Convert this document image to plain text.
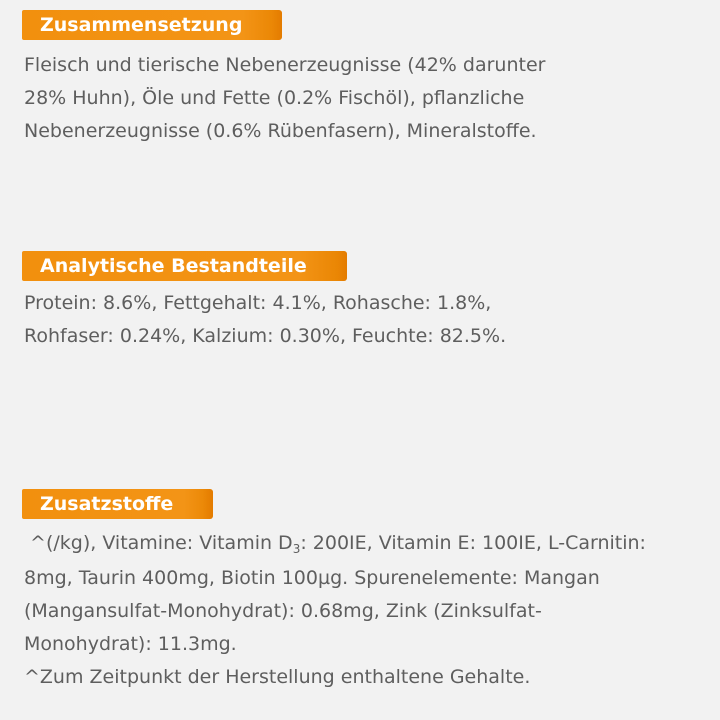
Zusammensetzung

Fleisch und tierische Nebenerzeugnisse (42% darunter
28% Huhn), Öle und Fette (0.2% Fischöl), pflanzliche
Nebenerzeugnisse (0.6% Rübenfasern), Mineralstoffe.

Analytische Bestandteile

Protein: 8.6%, Fettgehalt: 4.1%, Rohasche: 1.8%,
Rohfaser: 0.24%, Kalzium: 0.30%, Feuchte: 82.5%.

Zusatzstoffe

^(/kg), Vitamine: Vitamin $D_3$: 200IE, Vitamin E: 100IE, L-Carnitin:
8mg, Taurin 400mg, Biotin 100µg. Spurenelemente: Mangan
(Mangansulfat-Monohydrat): 0.68mg, Zink (Zinksulfat-
Monohydrat): 11.3mg.
^Zum Zeitpunkt der Herstellung enthaltene Gehalte.
